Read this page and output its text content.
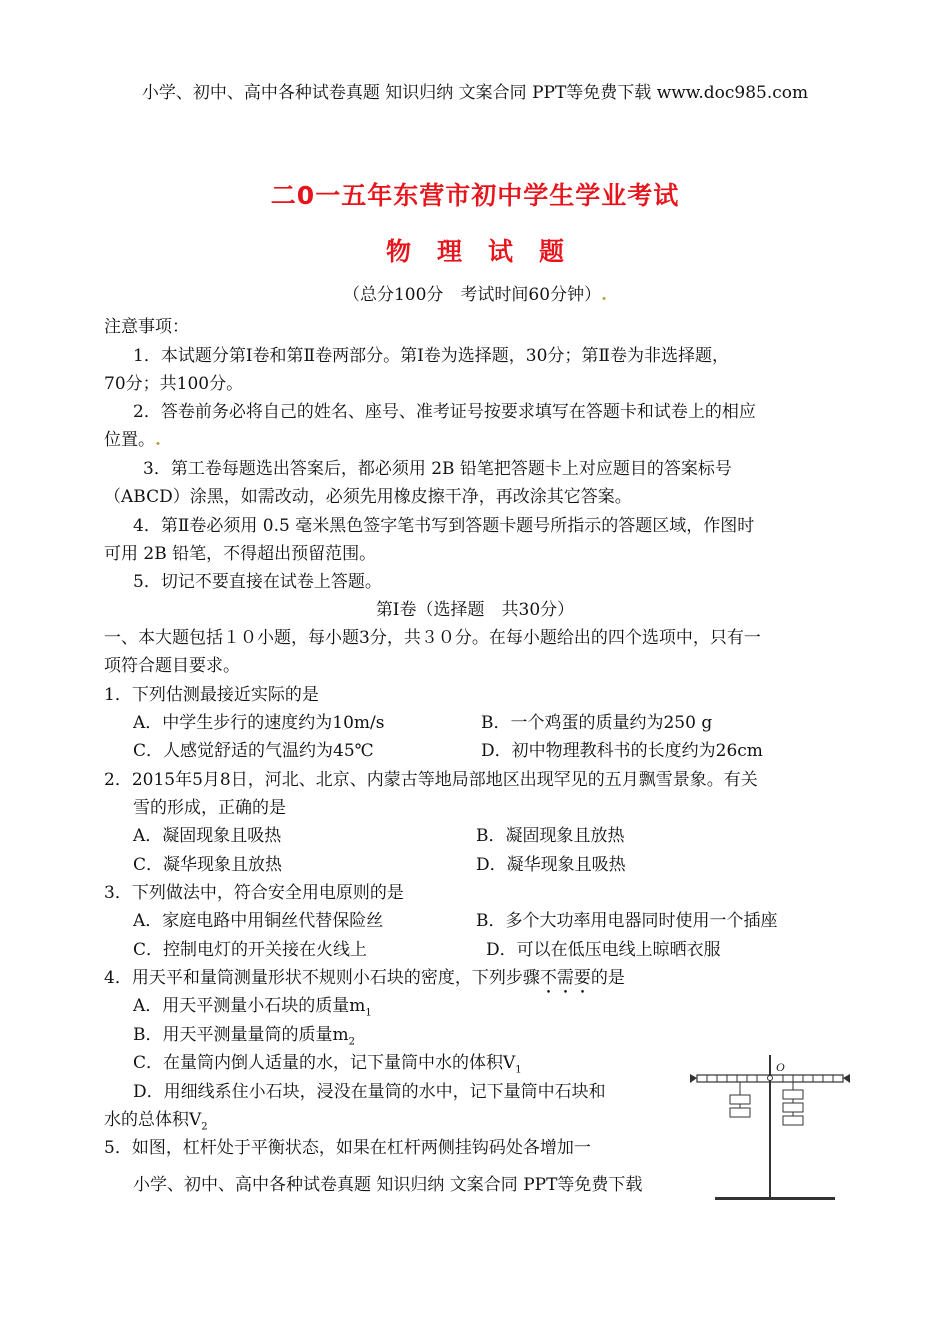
小学、初中、高中各种试卷真题 知识归纳 文案合同 PPT等免费下载 www.doc985.com
二0一五年东营市初中学生学业考试
物理试题
（总分100分　考试时间60分钟）.
注意事项：
1．本试题分第Ⅰ卷和第Ⅱ卷两部分。第Ⅰ卷为选择题，30分；第Ⅱ卷为非选择题，
70分；共100分。
2．答卷前务必将自己的姓名、座号、准考证号按要求填写在答题卡和试卷上的相应
位置。.
3．第工卷每题选出答案后，都必须用 2B 铅笔把答题卡上对应题目的答案标号
（ABCD）涂黑，如需改动，必须先用橡皮擦干净，再改涂其它答案。
4．第Ⅱ卷必须用 0.5 毫米黑色签字笔书写到答题卡题号所指示的答题区域，作图时
可用 2B 铅笔，不得超出预留范围。
5．切记不要直接在试卷上答题。
第Ⅰ卷（选择题　共30分）
一、本大题包括１０小题，每小题3分，共３０分。在每小题给出的四个选项中，只有一
项符合题目要求。
1．下列估测最接近实际的是
A．中学生步行的速度约为10m/s	B．一个鸡蛋的质量约为250 g
C．人感觉舒适的气温约为45℃	D．初中物理教科书的长度约为26cm
2．2015年5月8日，河北、北京、内蒙古等地局部地区出现罕见的五月飘雪景象。有关
雪的形成，正确的是
A．凝固现象且吸热	B．凝固现象且放热
C．凝华现象且放热	D．凝华现象且吸热
3．下列做法中，符合安全用电原则的是
A．家庭电路中用铜丝代替保险丝	B．多个大功率用电器同时使用一个插座
C．控制电灯的开关接在火线上	D．可以在低压电线上晾晒衣服
4．用天平和量筒测量形状不规则小石块的密度，下列步骤不需要的是
A．用天平测量小石块的质量$m_1$
B．用天平测量量筒的质量$m_2$
C．在量筒内倒人适量的水，记下量筒中水的体积$V_1$
D．用细线系住小石块，浸没在量筒的水中，记下量筒中石块和
水的总体积$V_2$
5．如图，杠杆处于平衡状态，如果在杠杆两侧挂钩码处各增加一
小学、初中、高中各种试卷真题 知识归纳 文案合同 PPT等免费下载
O
